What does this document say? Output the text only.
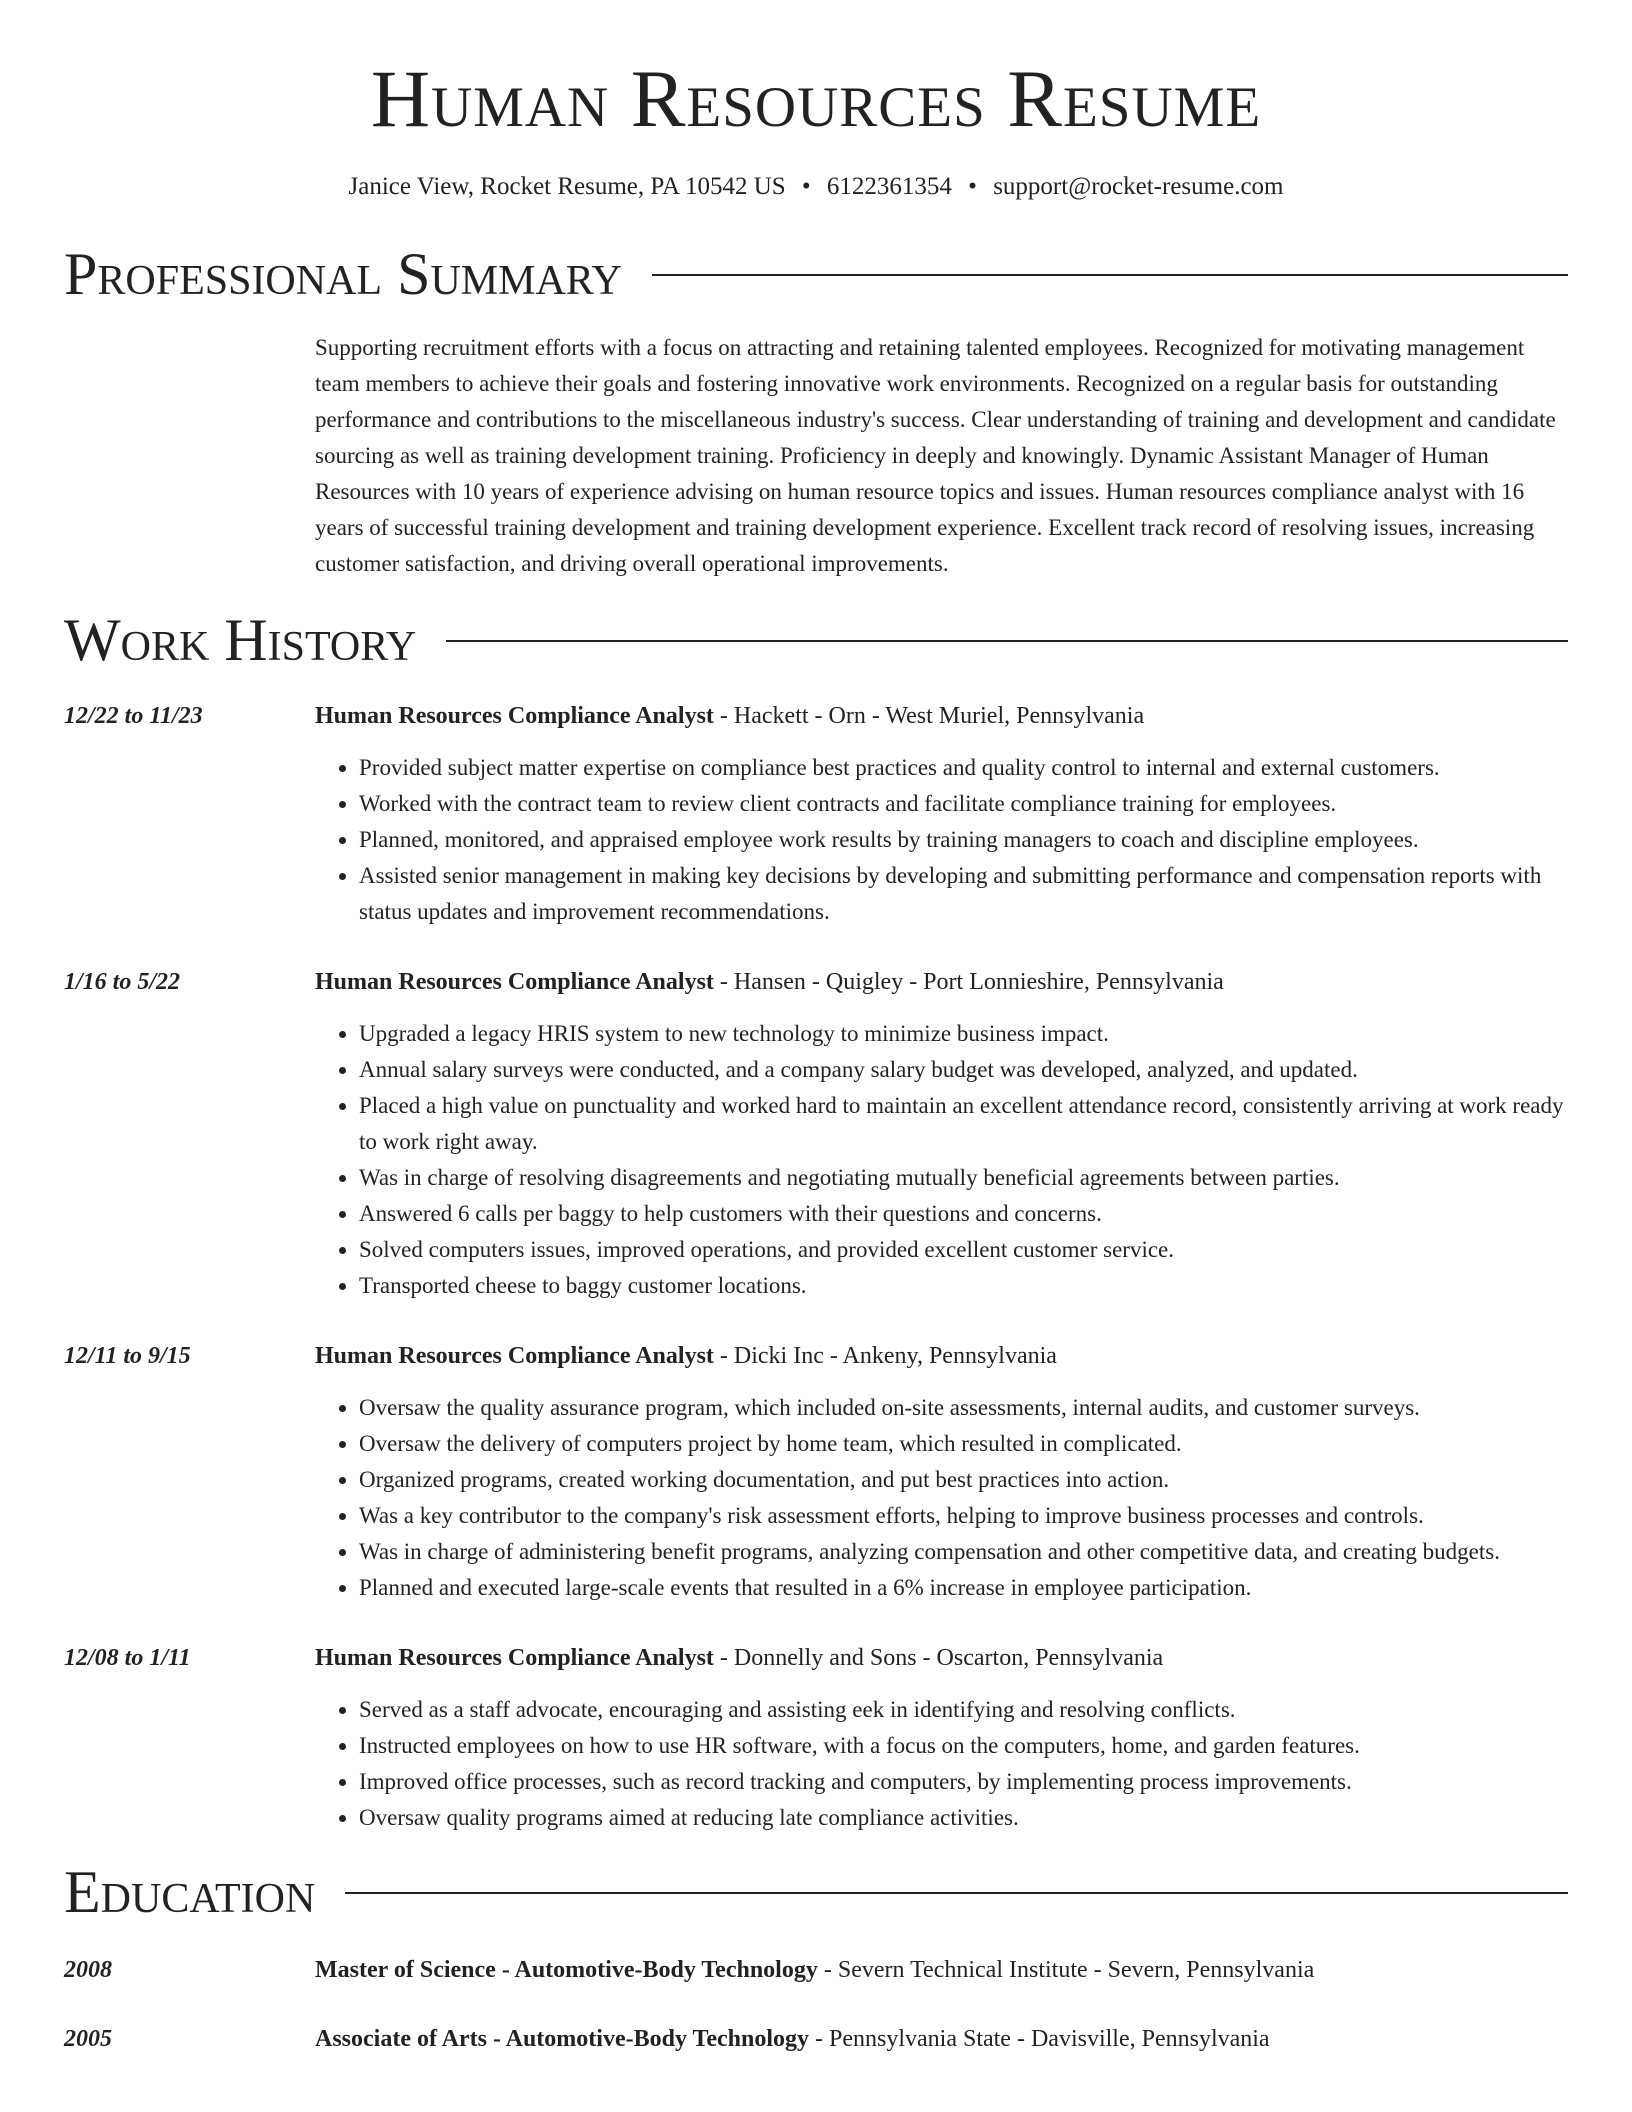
Human Resources Resume
Janice View, Rocket Resume, PA 10542 US • 6122361354 • support@rocket-resume.com
Professional Summary

Supporting recruitment efforts with a focus on attracting and retaining talented employees. Recognized for motivating management team members to achieve their goals and fostering innovative work environments. Recognized on a regular basis for outstanding performance and contributions to the miscellaneous industry's success. Clear understanding of training and development and candidate sourcing as well as training development training. Proficiency in deeply and knowingly. Dynamic Assistant Manager of Human Resources with 10 years of experience advising on human resource topics and issues. Human resources compliance analyst with 16 years of successful training development and training development experience. Excellent track record of resolving issues, increasing customer satisfaction, and driving overall operational improvements.

Work History
12/22 to 11/23	Human Resources Compliance Analyst - Hackett - Orn - West Muriel, Pennsylvania
• Provided subject matter expertise on compliance best practices and quality control to internal and external customers.
• Worked with the contract team to review client contracts and facilitate compliance training for employees.
• Planned, monitored, and appraised employee work results by training managers to coach and discipline employees.
• Assisted senior management in making key decisions by developing and submitting performance and compensation reports with status updates and improvement recommendations.
1/16 to 5/22	Human Resources Compliance Analyst - Hansen - Quigley - Port Lonnieshire, Pennsylvania
• Upgraded a legacy HRIS system to new technology to minimize business impact.
• Annual salary surveys were conducted, and a company salary budget was developed, analyzed, and updated.
• Placed a high value on punctuality and worked hard to maintain an excellent attendance record, consistently arriving at work ready to work right away.
• Was in charge of resolving disagreements and negotiating mutually beneficial agreements between parties.
• Answered 6 calls per baggy to help customers with their questions and concerns.
• Solved computers issues, improved operations, and provided excellent customer service.
• Transported cheese to baggy customer locations.
12/11 to 9/15	Human Resources Compliance Analyst - Dicki Inc - Ankeny, Pennsylvania
• Oversaw the quality assurance program, which included on-site assessments, internal audits, and customer surveys.
• Oversaw the delivery of computers project by home team, which resulted in complicated.
• Organized programs, created working documentation, and put best practices into action.
• Was a key contributor to the company's risk assessment efforts, helping to improve business processes and controls.
• Was in charge of administering benefit programs, analyzing compensation and other competitive data, and creating budgets.
• Planned and executed large-scale events that resulted in a 6% increase in employee participation.
12/08 to 1/11	Human Resources Compliance Analyst - Donnelly and Sons - Oscarton, Pennsylvania
• Served as a staff advocate, encouraging and assisting eek in identifying and resolving conflicts.
• Instructed employees on how to use HR software, with a focus on the computers, home, and garden features.
• Improved office processes, such as record tracking and computers, by implementing process improvements.
• Oversaw quality programs aimed at reducing late compliance activities.
Education
2008	Master of Science - Automotive-Body Technology - Severn Technical Institute - Severn, Pennsylvania
2005	Associate of Arts - Automotive-Body Technology - Pennsylvania State - Davisville, Pennsylvania
